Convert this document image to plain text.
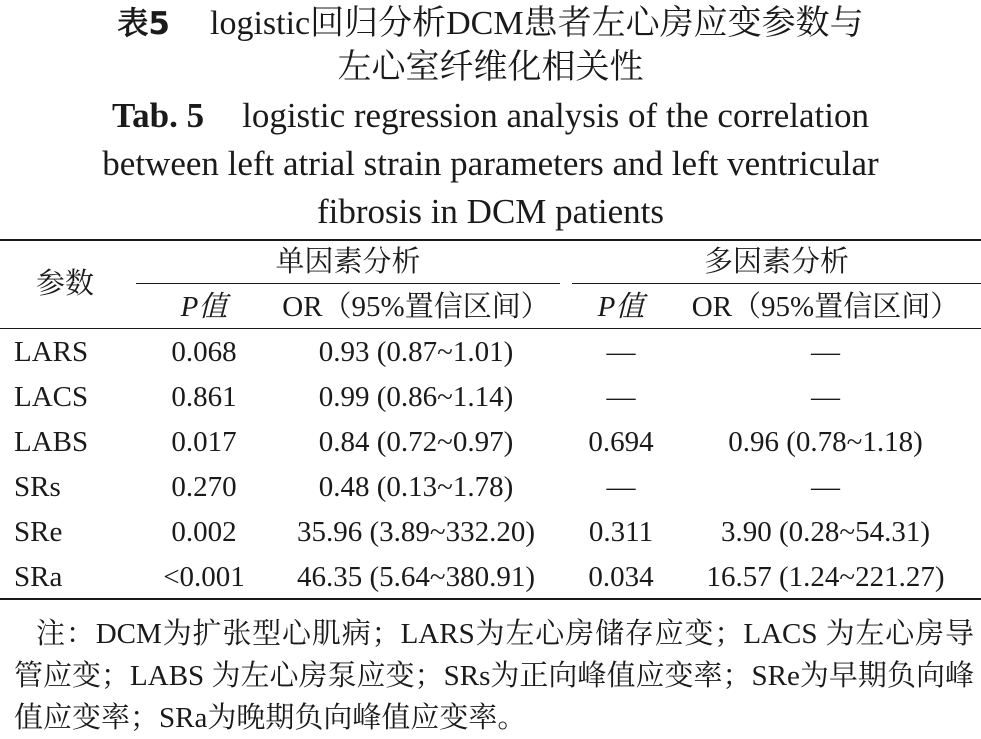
表5 logistic回归分析DCM患者左心房应变参数与
左心室纤维化相关性
Tab. 5 logistic regression analysis of the correlation
between left atrial strain parameters and left ventricular
fibrosis in DCM patients
参数
单因素分析	多因素分析
P值	OR（95%置信区间）	P值	OR（95%置信区间）
LARS	0.068	0.93 (0.87~1.01)	—	—
LACS	0.861	0.99 (0.86~1.14)	—	—
LABS	0.017	0.84 (0.72~0.97)	0.694	0.96 (0.78~1.18)
SRs	0.270	0.48 (0.13~1.78)	—	—
SRe	0.002	35.96 (3.89~332.20)	0.311	3.90 (0.28~54.31)
SRa	<0.001	46.35 (5.64~380.91)	0.034	16.57 (1.24~221.27)
注：DCM为扩张型心肌病；LARS为左心房储存应变；LACS 为左心房导管应变；LABS 为左心房泵应变；SRs为正向峰值应变率；SRe为早期负向峰值应变率；SRa为晚期负向峰值应变率。
